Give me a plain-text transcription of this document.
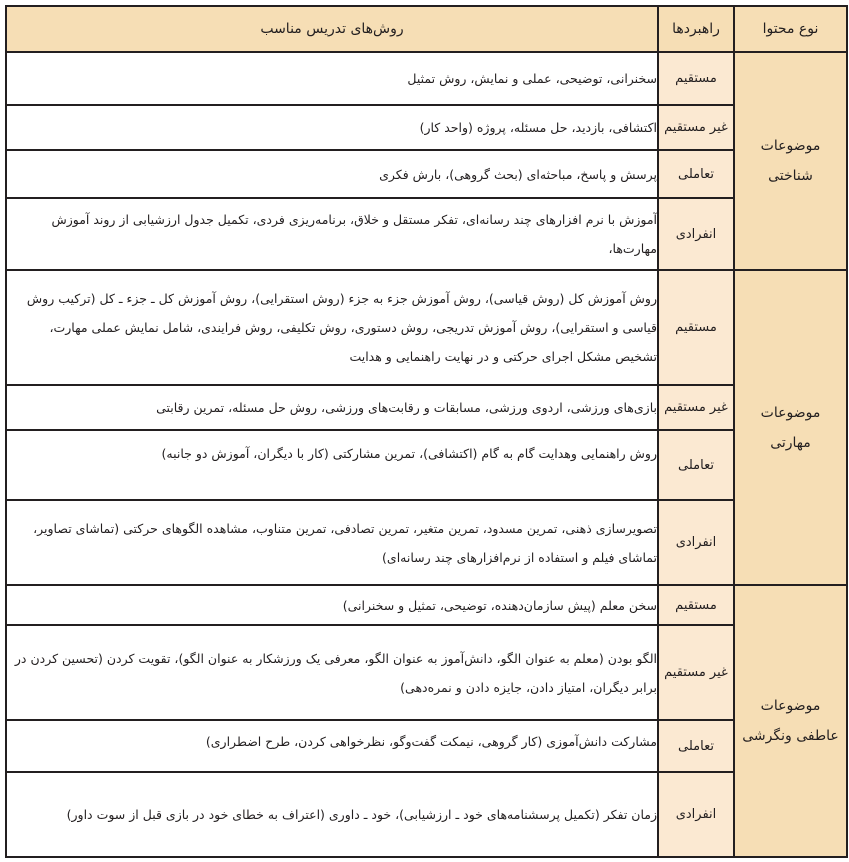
نوع محتوا	راهبردها	روش‌های تدریس مناسب

موضوعات
شناختی	مستقیم	سخنرانی، توضیحی، عملی و نمایش، روش تمثیل
	غیر مستقیم	اکتشافی، بازدید، حل مسئله، پروژه (واحد کار)
	تعاملی	پرسش و پاسخ، مباحثه‌ای (بحث گروهی)، بارش فکری
	انفرادی	آموزش با نرم افزارهای چند رسانه‌ای، تفکر مستقل و خلاق، برنامه‌ریزی فردی، تکمیل جدول ارزشیابی از روند آموزش مهارت‌ها،

موضوعات
مهارتی	مستقیم	روش آموزش کل (روش قیاسی)، روش آموزش جزء به جزء (روش استقرایی)، روش آموزش کل ـ جزء ـ کل (ترکیب روش قیاسی و استقرایی)، روش آموزش تدریجی، روش دستوری، روش تکلیفی، روش فرایندی، شامل نمایش عملی مهارت، تشخیص مشکل اجرای حرکتی و در نهایت راهنمایی و هدایت
	غیر مستقیم	بازی‌های ورزشی، اردوی ورزشی، مسابقات و رقابت‌های ورزشی، روش حل مسئله، تمرین رقابتی
	تعاملی	روش راهنمایی وهدایت گام به گام (اکتشافی)، تمرین مشارکتی (کار با دیگران، آموزش دو جانبه)
	انفرادی	تصویرسازی ذهنی، تمرین مسدود، تمرین متغیر، تمرین تصادفی، تمرین متناوب، مشاهده الگوهای حرکتی (تماشای تصاویر، تماشای فیلم و استفاده از نرم‌افزارهای چند رسانه‌ای)

موضوعات
عاطفی ونگرشی	مستقیم	سخن معلم (پیش سازمان‌دهنده، توضیحی، تمثیل و سخنرانی)
	غیر مستقیم	الگو بودن (معلم به عنوان الگو، دانش‌آموز به عنوان الگو، معرفی یک ورزشکار به عنوان الگو)، تقویت کردن (تحسین کردن در برابر دیگران، امتیاز دادن، جایزه دادن و نمره‌دهی)
	تعاملی	مشارکت دانش‌آموزی (کار گروهی، نیمکت گفت‌وگو، نظرخواهی کردن، طرح اضطراری)
	انفرادی	زمان تفکر (تکمیل پرسشنامه‌های خود ـ ارزشیابی)، خود ـ داوری (اعتراف به خطای خود در بازی قبل از سوت داور)
